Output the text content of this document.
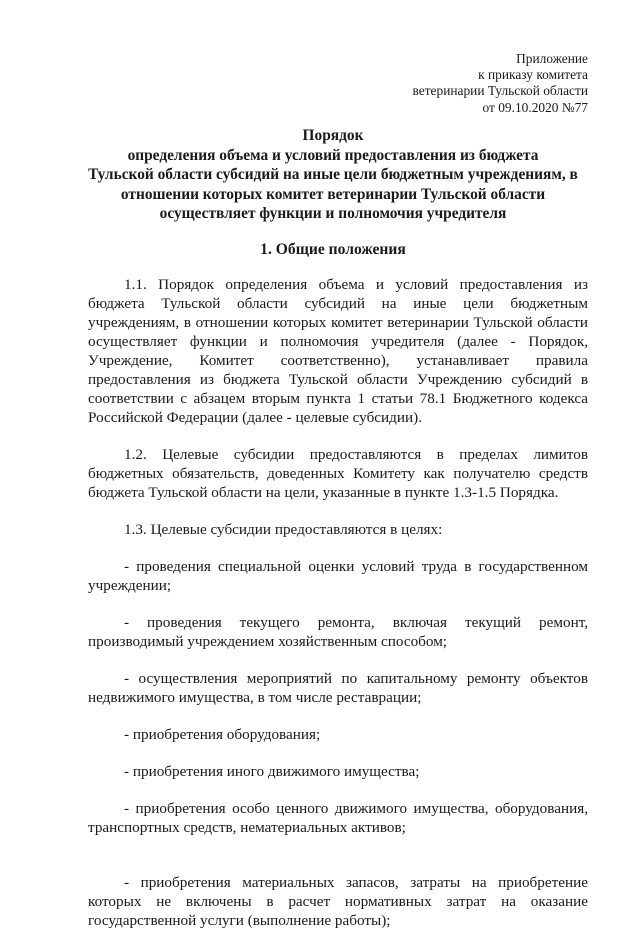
Приложение
к приказу комитета
ветеринарии Тульской области
от 09.10.2020 №77
Порядок
определения объема и условий предоставления из бюджета
Тульской области субсидий на иные цели бюджетным учреждениям, в
отношении которых комитет ветеринарии Тульской области
осуществляет функции и полномочия учредителя
1. Общие положения

1.1. Порядок определения объема и условий предоставления из бюджета Тульской области субсидий на иные цели бюджетным учреждениям, в отношении которых комитет ветеринарии Тульской области осуществляет функции и полномочия учредителя (далее - Порядок, Учреждение, Комитет соответственно), устанавливает правила предоставления из бюджета Тульской области Учреждению субсидий в соответствии с абзацем вторым пункта 1 статьи 78.1 Бюджетного кодекса Российской Федерации (далее - целевые субсидии).

1.2. Целевые субсидии предоставляются в пределах лимитов бюджетных обязательств, доведенных Комитету как получателю средств бюджета Тульской области на цели, указанные в пункте 1.3-1.5 Порядка.

1.3. Целевые субсидии предоставляются в целях:

- проведения специальной оценки условий труда в государственном учреждении;

- проведения текущего ремонта, включая текущий ремонт, производимый учреждением хозяйственным способом;

- осуществления мероприятий по капитальному ремонту объектов недвижимого имущества, в том числе реставрации;

- приобретения оборудования;

- приобретения иного движимого имущества;

- приобретения особо ценного движимого имущества, оборудования, транспортных средств, нематериальных активов;

- приобретения материальных запасов, затраты на приобретение которых не включены в расчет нормативных затрат на оказание государственной услуги (выполнение работы);
